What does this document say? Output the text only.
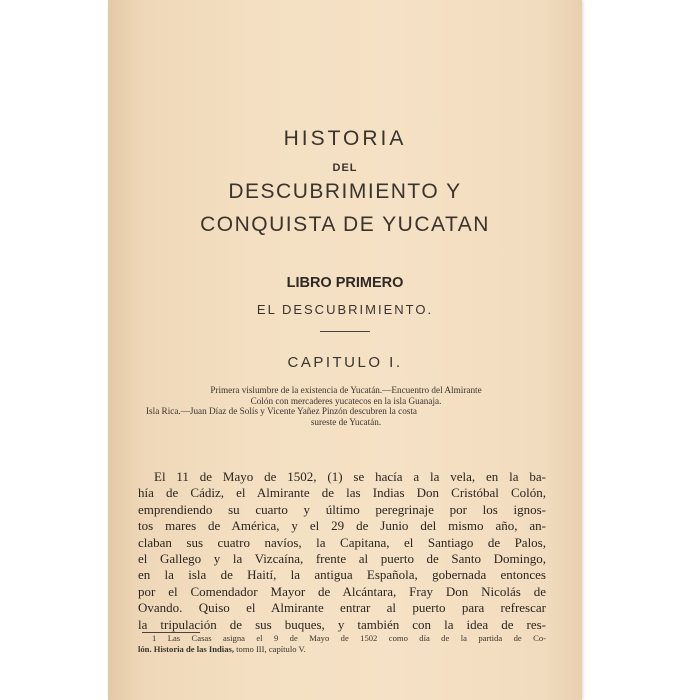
HISTORIA
DEL
DESCUBRIMIENTO Y
CONQUISTA DE YUCATAN
LIBRO PRIMERO
EL DESCUBRIMIENTO.
CAPITULO I.
Primera vislumbre de la existencia de Yucatán.—Encuentro del Almirante
Colón con mercaderes yucatecos en la isla Guanaja.
Isla Rica.—Juan Díaz de Solís y Vicente Yañez Pinzón descubren la costa
sureste de Yucatán.
El 11 de Mayo de 1502, (1) se hacía a la vela, en la ba-
hía de Cádiz, el Almirante de las Indias Don Cristóbal Colón,
emprendiendo su cuarto y último peregrinaje por los ignos-
tos mares de América, y el 29 de Junio del mismo año, an-
claban sus cuatro navíos, la Capitana, el Santiago de Palos,
el Gallego y la Vizcaína, frente al puerto de Santo Domingo,
en la isla de Haití, la antigua Española, gobernada entonces
por el Comendador Mayor de Alcántara, Fray Don Nicolás de
Ovando. Quiso el Almirante entrar al puerto para refrescar
la tripulación de sus buques, y también con la idea de res-
1 Las Casas asigna el 9 de Mayo de 1502 como día de la partida de Co-
lón. Historia de las Indias, tomo III, capítulo V.
